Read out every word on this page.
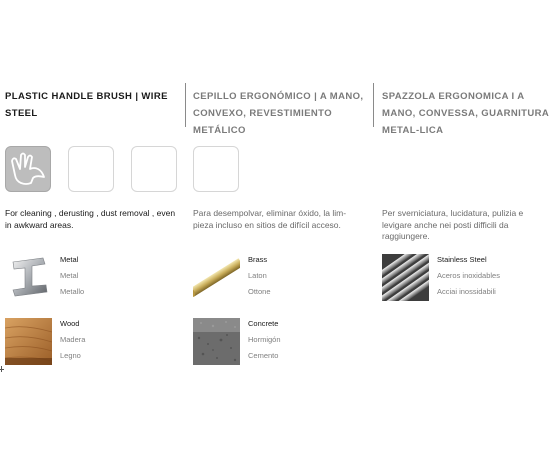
PLASTIC HANDLE BRUSH | WIRE STEEL
CEPILLO ERGONÓMICO | A MANO, CONVEXO, REVESTIMIENTO METÁLICO
SPAZZOLA ERGONOMICA I A MANO, CONVESSA, GUARNITURA METAL-LICA
For cleaning , derusting , dust removal , even in awkward areas.
Para desempolvar, eliminar óxido, la lim-pieza incluso en sitios de difícil acceso.
Per sverniciatura, lucidatura, pulizia e levigare anche nei posti difficili da raggiungere.
Metal
Metal
Metallo
Brass
Laton
Ottone
Stainless Steel
Aceros inoxidables
Acciai inossidabili
Wood
Madera
Legno
Concrete
Hormigón
Cemento
